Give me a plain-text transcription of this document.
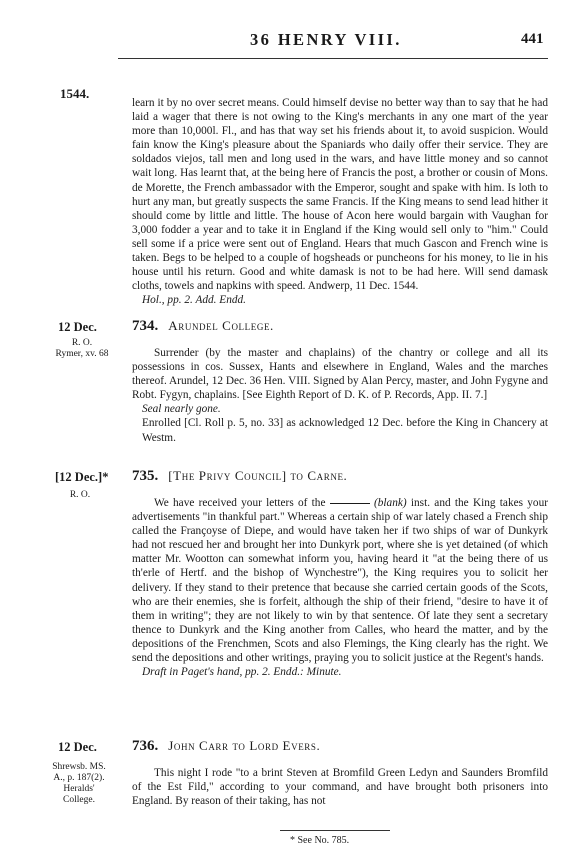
36 HENRY VIII.	441
1544.

learn it by no over secret means. Could himself devise no better way than to say that he had laid a wager that there is not owing to the King's merchants in any one mart of the year more than 10,000l. Fl., and has that way set his friends about it, to avoid suspicion. Would fain know the King's pleasure about the Spaniards who daily offer their service. They are soldados viejos, tall men and long used in the wars, and have little money and so cannot wait long. Has learnt that, at the being here of Francis the post, a brother or cousin of Mons. de Morette, the French ambassador with the Emperor, sought and spake with him. Is loth to hurt any man, but greatly suspects the same Francis. If the King means to send lead hither it should come by little and little. The house of Acon here would bargain with Vaughan for 3,000 fodder a year and to take it in England if the King would sell only to "him." Could sell some if a price were sent out of England. Hears that much Gascon and French wine is taken. Begs to be helped to a couple of hogsheads or puncheons for his money, to lie in his house until his return. Good and white damask is not to be had here. Will send damask cloths, towels and napkins with speed. Andwerp, 11 Dec. 1544.

Hol., pp. 2. Add. Endd.

12 Dec.
R. O.
Rymer, xv. 68
734. Arundel College.

Surrender (by the master and chaplains) of the chantry or college and all its possessions in cos. Sussex, Hants and elsewhere in England, Wales and the marches thereof. Arundel, 12 Dec. 36 Hen. VIII. Signed by Alan Percy, master, and John Fygyne and Robt. Fygyn, chaplains. [See Eighth Report of D. K. of P. Records, App. II. 7.]

Seal nearly gone.

Enrolled [Cl. Roll p. 5, no. 33] as acknowledged 12 Dec. before the King in Chancery at Westm.

[12 Dec.]*
R. O.
735. [The Privy Council] to Carne.

We have received your letters of the	(blank) inst. and the King takes your advertisements "in thankful part." Whereas a certain ship of war lately chased a French ship called the Françoyse of Diepe, and would have taken her if two ships of war of Dunkyrk had not rescued her and brought her into Dunkyrk port, where she is yet detained (of which matter Mr. Wootton can somewhat inform you, having heard it "at the being there of us th'erle of Hertf. and the bishop of Wynchestre"), the King requires you to solicit her delivery. If they stand to their pretence that because she carried certain goods of the Scots, who are their enemies, she is forfeit, although the ship of their friend, "desire to have it of them in writing"; they are not likely to win by that sentence. Of late they sent a secretary thence to Dunkyrk and the King another from Calles, who heard the matter, and by the depositions of the Frenchmen, Scots and also Flemings, the King clearly has the right. We send the depositions and other writings, praying you to solicit justice at the Regent's hands.

Draft in Paget's hand, pp. 2. Endd.: Minute.

12 Dec.
Shrewsb. MS.
A., p. 187(2).
Heralds'
College.
736. John Carr to Lord Evers.

This night I rode "to a brint Steven at Bromfild Green Ledyn and Saunders Bromfild of the Est Fild," according to your command, and have brought both prisoners into England. By reason of their taking, has not

* See No. 785.
